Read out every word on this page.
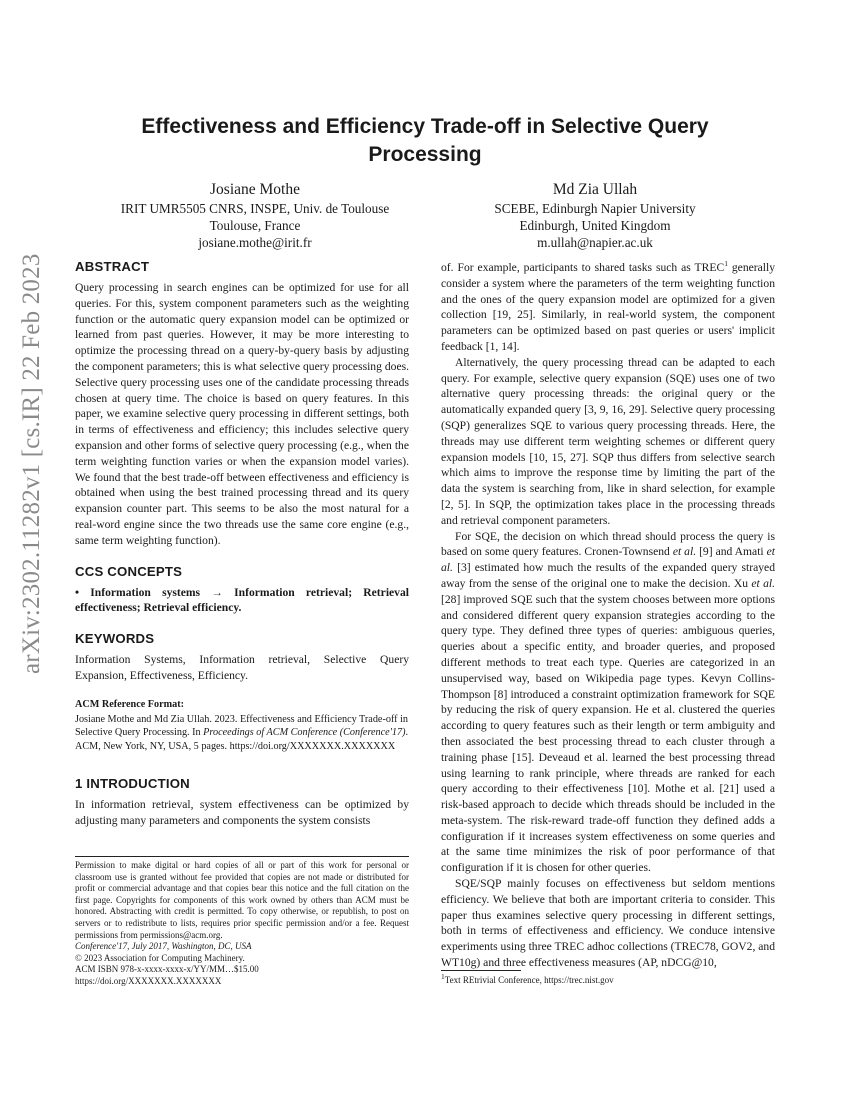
arXiv:2302.11282v1 [cs.IR] 22 Feb 2023
Effectiveness and Efficiency Trade-off in Selective Query Processing
Josiane Mothe
IRIT UMR5505 CNRS, INSPE, Univ. de Toulouse
Toulouse, France
josiane.mothe@irit.fr
Md Zia Ullah
SCEBE, Edinburgh Napier University
Edinburgh, United Kingdom
m.ullah@napier.ac.uk
ABSTRACT

Query processing in search engines can be optimized for use for all queries. For this, system component parameters such as the weighting function or the automatic query expansion model can be optimized or learned from past queries. However, it may be more interesting to optimize the processing thread on a query-by-query basis by adjusting the component parameters; this is what selective query processing does. Selective query processing uses one of the candidate processing threads chosen at query time. The choice is based on query features. In this paper, we examine selective query processing in different settings, both in terms of effectiveness and efficiency; this includes selective query expansion and other forms of selective query processing (e.g., when the term weighting function varies or when the expansion model varies). We found that the best trade-off between effectiveness and efficiency is obtained when using the best trained processing thread and its query expansion counter part. This seems to be also the most natural for a real-word engine since the two threads use the same core engine (e.g., same term weighting function).

CCS CONCEPTS

• Information systems → Information retrieval; Retrieval effectiveness; Retrieval efficiency.

KEYWORDS

Information Systems, Information retrieval, Selective Query Expansion, Effectiveness, Efficiency.

ACM Reference Format:
Josiane Mothe and Md Zia Ullah. 2023. Effectiveness and Efficiency Trade-off in Selective Query Processing. In Proceedings of ACM Conference (Conference'17). ACM, New York, NY, USA, 5 pages. https://doi.org/XXXXXXX.XXXXXXX
1 INTRODUCTION

In information retrieval, system effectiveness can be optimized by adjusting many parameters and components the system consists

Permission to make digital or hard copies of all or part of this work for personal or classroom use is granted without fee provided that copies are not made or distributed for profit or commercial advantage and that copies bear this notice and the full citation on the first page. Copyrights for components of this work owned by others than ACM must be honored. Abstracting with credit is permitted. To copy otherwise, or republish, to post on servers or to redistribute to lists, requires prior specific permission and/or a fee. Request permissions from permissions@acm.org.

Conference'17, July 2017, Washington, DC, USA
© 2023 Association for Computing Machinery.
ACM ISBN 978-x-xxxx-xxxx-x/YY/MM…$15.00
https://doi.org/XXXXXXX.XXXXXXX

of. For example, participants to shared tasks such as TREC$^1$ generally consider a system where the parameters of the term weighting function and the ones of the query expansion model are optimized for a given collection [19, 25]. Similarly, in real-world system, the component parameters can be optimized based on past queries or users' implicit feedback [1, 14].

Alternatively, the query processing thread can be adapted to each query. For example, selective query expansion (SQE) uses one of two alternative query processing threads: the original query or the automatically expanded query [3, 9, 16, 29]. Selective query processing (SQP) generalizes SQE to various query processing threads. Here, the threads may use different term weighting schemes or different query expansion models [10, 15, 27]. SQP thus differs from selective search which aims to improve the response time by limiting the part of the data the system is searching from, like in shard selection, for example [2, 5]. In SQP, the optimization takes place in the processing threads and retrieval component parameters.

For SQE, the decision on which thread should process the query is based on some query features. Cronen-Townsend et al. [9] and Amati et al. [3] estimated how much the results of the expanded query strayed away from the sense of the original one to make the decision. Xu et al. [28] improved SQE such that the system chooses between more options and considered different query expansion strategies according to the query type. They defined three types of queries: ambiguous queries, queries about a specific entity, and broader queries, and proposed different methods to treat each type. Queries are categorized in an unsupervised way, based on Wikipedia page types. Kevyn Collins-Thompson [8] introduced a constraint optimization framework for SQE by reducing the risk of query expansion. He et al. clustered the queries according to query features such as their length or term ambiguity and then associated the best processing thread to each cluster through a training phase [15]. Deveaud et al. learned the best processing thread using learning to rank principle, where threads are ranked for each query according to their effectiveness [10]. Mothe et al. [21] used a risk-based approach to decide which threads should be included in the meta-system. The risk-reward trade-off function they defined adds a configuration if it increases system effectiveness on some queries and at the same time minimizes the risk of poor performance of that configuration if it is chosen for other queries.

SQE/SQP mainly focuses on effectiveness but seldom mentions efficiency. We believe that both are important criteria to consider. This paper thus examines selective query processing in different settings, both in terms of effectiveness and efficiency. We conduce intensive experiments using three TREC adhoc collections (TREC78, GOV2, and WT10g) and three effectiveness measures (AP, nDCG@10,

$^1$Text REtrivial Conference, https://trec.nist.gov
